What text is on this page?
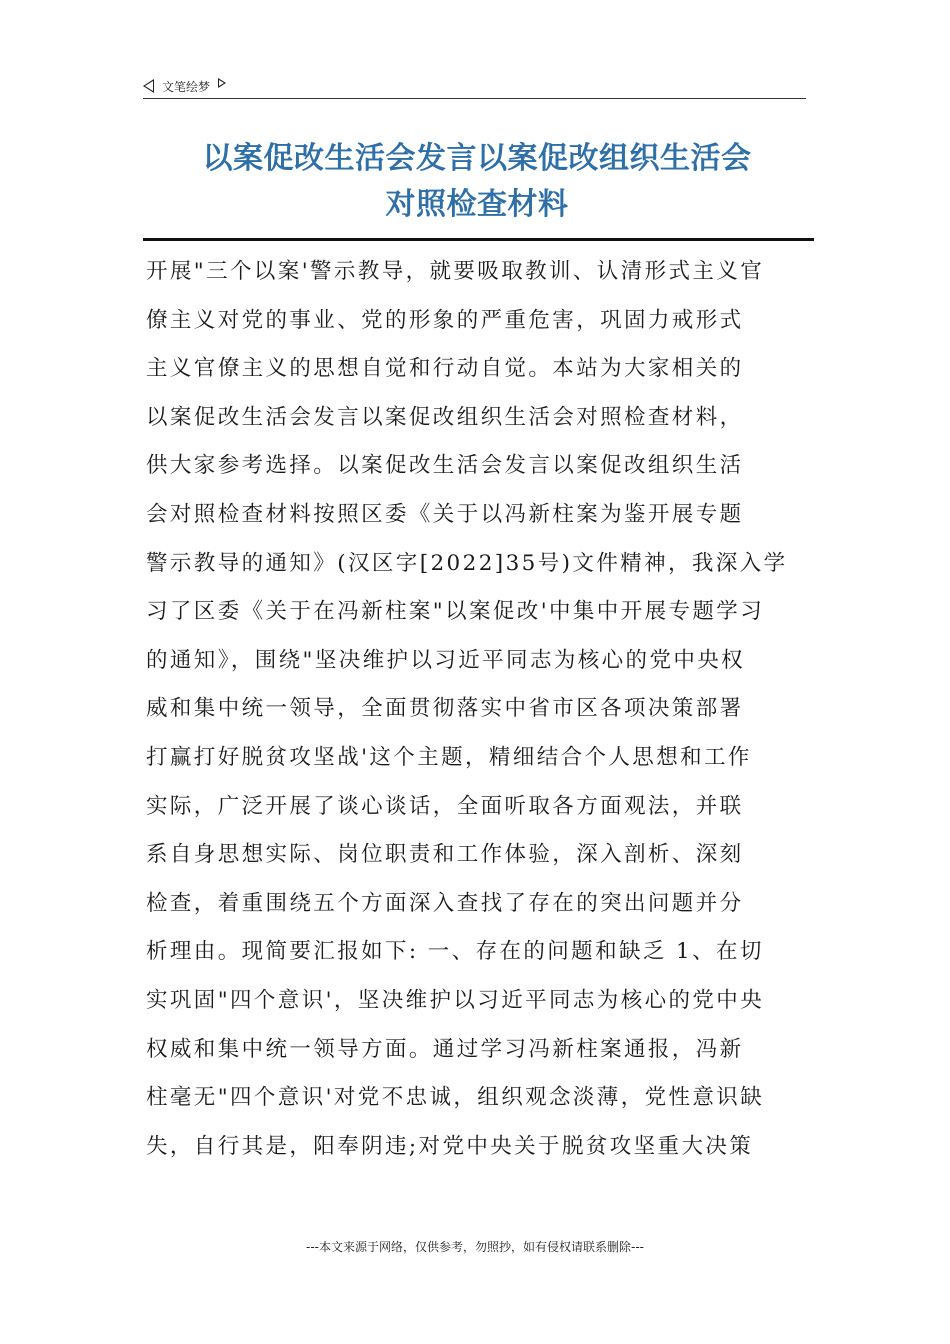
文笔绘梦
以案促改生活会发言以案促改组织生活会
对照检查材料
开展"三个以案'警示教导，就要吸取教训、认清形式主义官
僚主义对党的事业、党的形象的严重危害，巩固力戒形式
主义官僚主义的思想自觉和行动自觉。本站为大家相关的
以案促改生活会发言以案促改组织生活会对照检查材料，
供大家参考选择。以案促改生活会发言以案促改组织生活
会对照检查材料按照区委《关于以冯新柱案为鉴开展专题
警示教导的通知》(汉区字[2022]35号)文件精神，我深入学
习了区委《关于在冯新柱案"以案促改'中集中开展专题学习
的通知》，围绕"坚决维护以习近平同志为核心的党中央权
威和集中统一领导，全面贯彻落实中省市区各项决策部署
打赢打好脱贫攻坚战'这个主题，精细结合个人思想和工作
实际，广泛开展了谈心谈话，全面听取各方面观法，并联
系自身思想实际、岗位职责和工作体验，深入剖析、深刻
检查，着重围绕五个方面深入查找了存在的突出问题并分
析理由。现简要汇报如下: 一、存在的问题和缺乏 1、在切
实巩固"四个意识'，坚决维护以习近平同志为核心的党中央
权威和集中统一领导方面。通过学习冯新柱案通报，冯新
柱毫无"四个意识'对党不忠诚，组织观念淡薄，党性意识缺
失，自行其是，阳奉阴违;对党中央关于脱贫攻坚重大决策
---本文来源于网络，仅供参考，勿照抄，如有侵权请联系删除---
